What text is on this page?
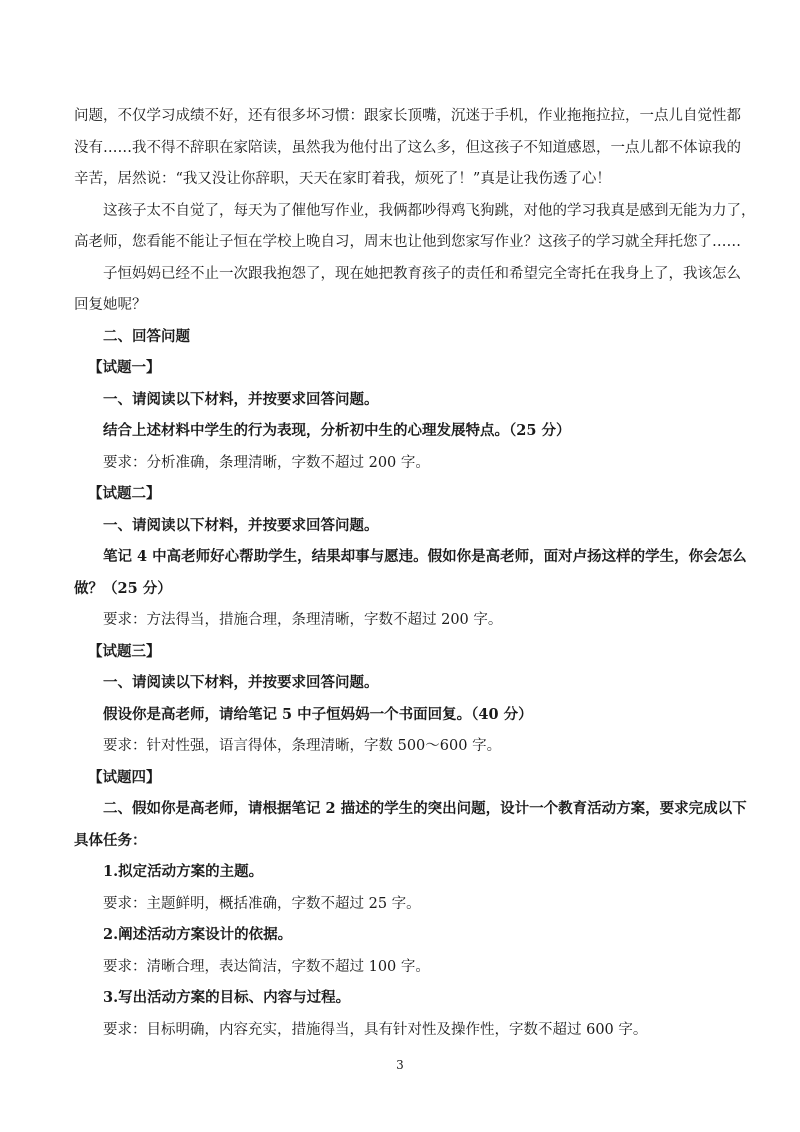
问题，不仅学习成绩不好，还有很多坏习惯：跟家长顶嘴，沉迷于手机，作业拖拖拉拉，一点儿自觉性都
没有……我不得不辞职在家陪读，虽然我为他付出了这么多，但这孩子不知道感恩，一点儿都不体谅我的
辛苦，居然说：“我又没让你辞职，天天在家盯着我，烦死了！”真是让我伤透了心！
这孩子太不自觉了，每天为了催他写作业，我俩都吵得鸡飞狗跳，对他的学习我真是感到无能为力了，
高老师，您看能不能让子恒在学校上晚自习，周末也让他到您家写作业？这孩子的学习就全拜托您了……
子恒妈妈已经不止一次跟我抱怨了，现在她把教育孩子的责任和希望完全寄托在我身上了，我该怎么
回复她呢？
二、回答问题
【试题一】
一、请阅读以下材料，并按要求回答问题。
结合上述材料中学生的行为表现，分析初中生的心理发展特点。（25 分）
要求：分析准确，条理清晰，字数不超过 200 字。
【试题二】
一、请阅读以下材料，并按要求回答问题。
笔记 4 中高老师好心帮助学生，结果却事与愿违。假如你是高老师，面对卢扬这样的学生，你会怎么
做？（25 分）
要求：方法得当，措施合理，条理清晰，字数不超过 200 字。
【试题三】
一、请阅读以下材料，并按要求回答问题。
假设你是高老师，请给笔记 5 中子恒妈妈一个书面回复。（40 分）
要求：针对性强，语言得体，条理清晰，字数 500～600 字。
【试题四】
二、假如你是高老师，请根据笔记 2 描述的学生的突出问题，设计一个教育活动方案，要求完成以下
具体任务：
1.拟定活动方案的主题。
要求：主题鲜明，概括准确，字数不超过 25 字。
2.阐述活动方案设计的依据。
要求：清晰合理，表达简洁，字数不超过 100 字。
3.写出活动方案的目标、内容与过程。
要求：目标明确，内容充实，措施得当，具有针对性及操作性，字数不超过 600 字。
3
